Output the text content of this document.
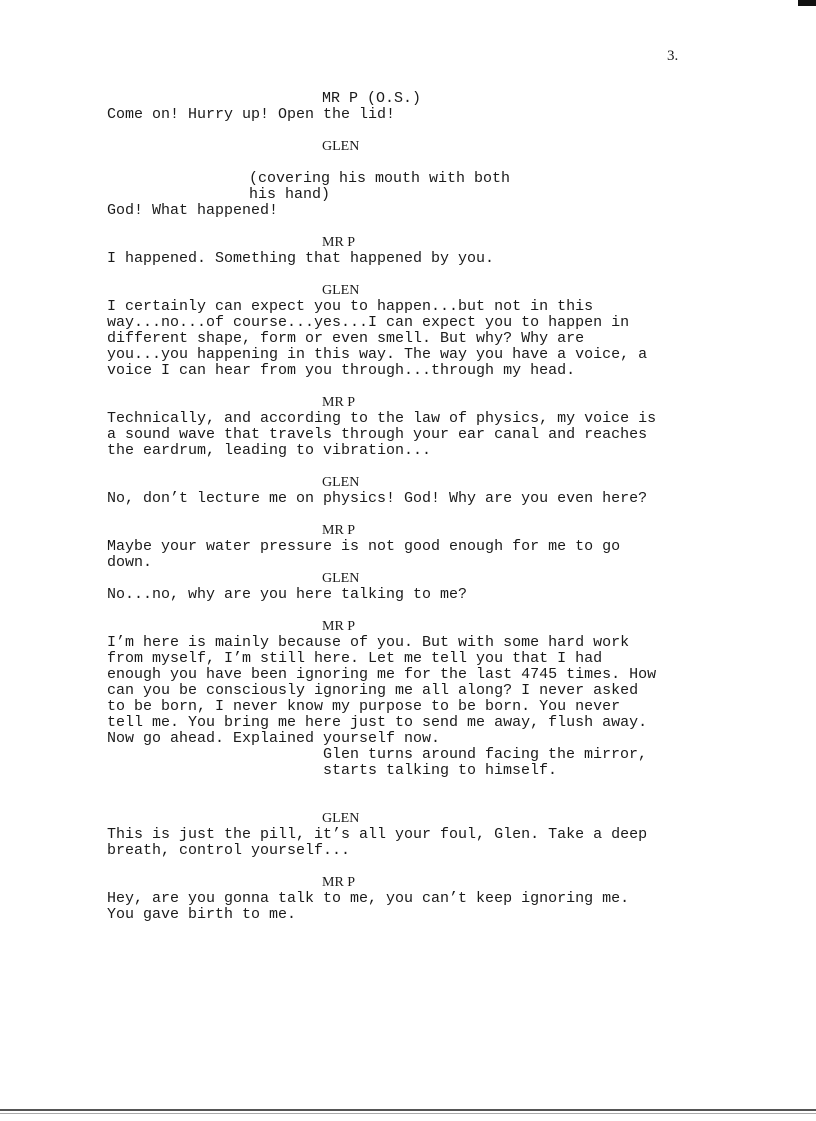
3.
MR P (O.S.)
Come on! Hurry up! Open the lid!
GLEN
(covering his mouth with both
his hand)
God! What happened!
MR P
I happened. Something that happened by you.
GLEN
I certainly can expect you to happen...but not in this
way...no...of course...yes...I can expect you to happen in
different shape, form or even smell. But why? Why are
you...you happening in this way. The way you have a voice, a
voice I can hear from you through...through my head.
MR P
Technically, and according to the law of physics, my voice is
a sound wave that travels through your ear canal and reaches
the eardrum, leading to vibration...
GLEN
No, don’t lecture me on physics! God! Why are you even here?
MR P
Maybe your water pressure is not good enough for me to go
down.
GLEN
No...no, why are you here talking to me?
MR P
I’m here is mainly because of you. But with some hard work
from myself, I’m still here. Let me tell you that I had
enough you have been ignoring me for the last 4745 times. How
can you be consciously ignoring me all along? I never asked
to be born, I never know my purpose to be born. You never
tell me. You bring me here just to send me away, flush away.
Now go ahead. Explained yourself now.
Glen turns around facing the mirror,
starts talking to himself.
GLEN
This is just the pill, it’s all your foul, Glen. Take a deep
breath, control yourself...
MR P
Hey, are you gonna talk to me, you can’t keep ignoring me.
You gave birth to me.
